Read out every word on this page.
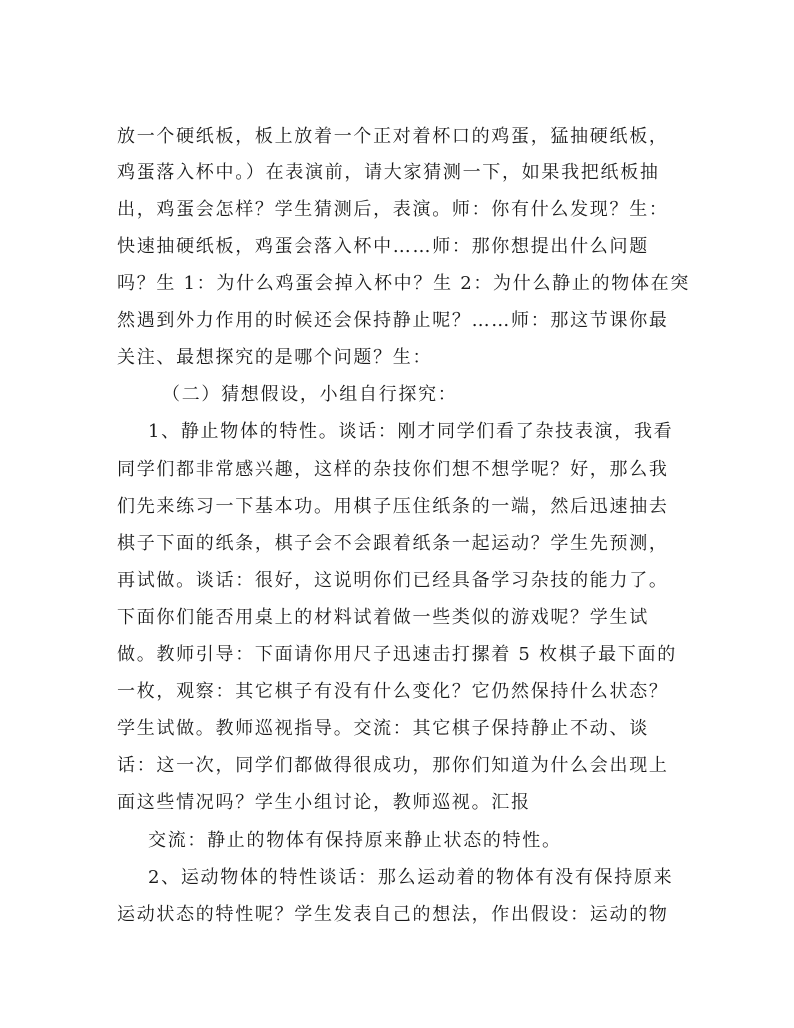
放一个硬纸板，板上放着一个正对着杯口的鸡蛋，猛抽硬纸板，
鸡蛋落入杯中。）在表演前，请大家猜测一下，如果我把纸板抽
出，鸡蛋会怎样？学生猜测后，表演。师：你有什么发现？生：
快速抽硬纸板，鸡蛋会落入杯中……师：那你想提出什么问题
吗？生 1：为什么鸡蛋会掉入杯中？生 2：为什么静止的物体在突
然遇到外力作用的时候还会保持静止呢？……师：那这节课你最
关注、最想探究的是哪个问题？生：
（二）猜想假设，小组自行探究：
1、静止物体的特性。谈话：刚才同学们看了杂技表演，我看
同学们都非常感兴趣，这样的杂技你们想不想学呢？好，那么我
们先来练习一下基本功。用棋子压住纸条的一端，然后迅速抽去
棋子下面的纸条，棋子会不会跟着纸条一起运动？学生先预测，
再试做。谈话：很好，这说明你们已经具备学习杂技的能力了。
下面你们能否用桌上的材料试着做一些类似的游戏呢？学生试
做。教师引导：下面请你用尺子迅速击打摞着 5 枚棋子最下面的
一枚，观察：其它棋子有没有什么变化？它仍然保持什么状态？
学生试做。教师巡视指导。交流：其它棋子保持静止不动、谈
话：这一次，同学们都做得很成功，那你们知道为什么会出现上
面这些情况吗？学生小组讨论，教师巡视。汇报
交流：静止的物体有保持原来静止状态的特性。
2、运动物体的特性谈话：那么运动着的物体有没有保持原来
运动状态的特性呢？学生发表自己的想法，作出假设：运动的物
